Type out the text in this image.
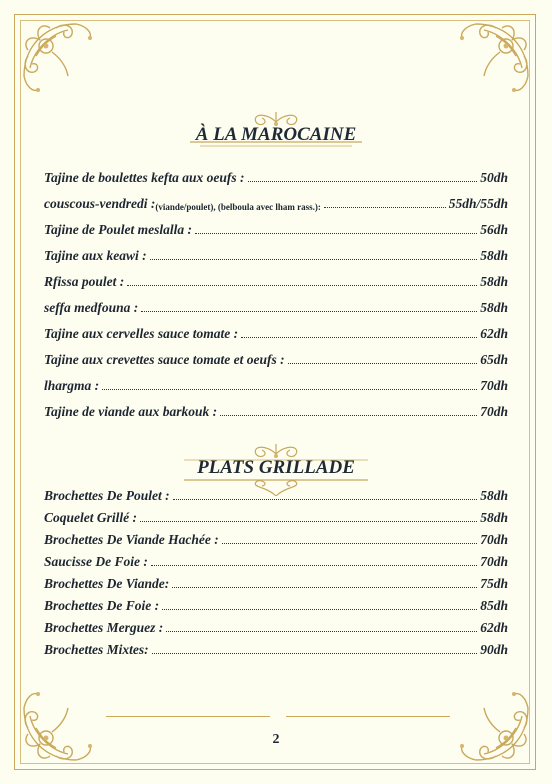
À LA MAROCAINE
Tajine de boulettes kefta aux oeufs :	50dh
couscous-vendredi : (viande/poulet), (belboula avec lham rass.):	55dh/55dh
Tajine de Poulet meslalla :	56dh
Tajine aux keawi :	58dh
Rfissa poulet :	58dh
seffa medfouna :	58dh
Tajine aux cervelles sauce tomate :	62dh
Tajine aux crevettes sauce tomate et oeufs :	65dh
lhargma :	70dh
Tajine de viande aux barkouk :	70dh
PLATS GRILLADE
Brochettes De Poulet :	58dh
Coquelet Grillé :	58dh
Brochettes De Viande Hachée :	70dh
Saucisse De Foie :	70dh
Brochettes De Viande:	75dh
Brochettes De Foie :	85dh
Brochettes Merguez :	62dh
Brochettes Mixtes:	90dh
2
